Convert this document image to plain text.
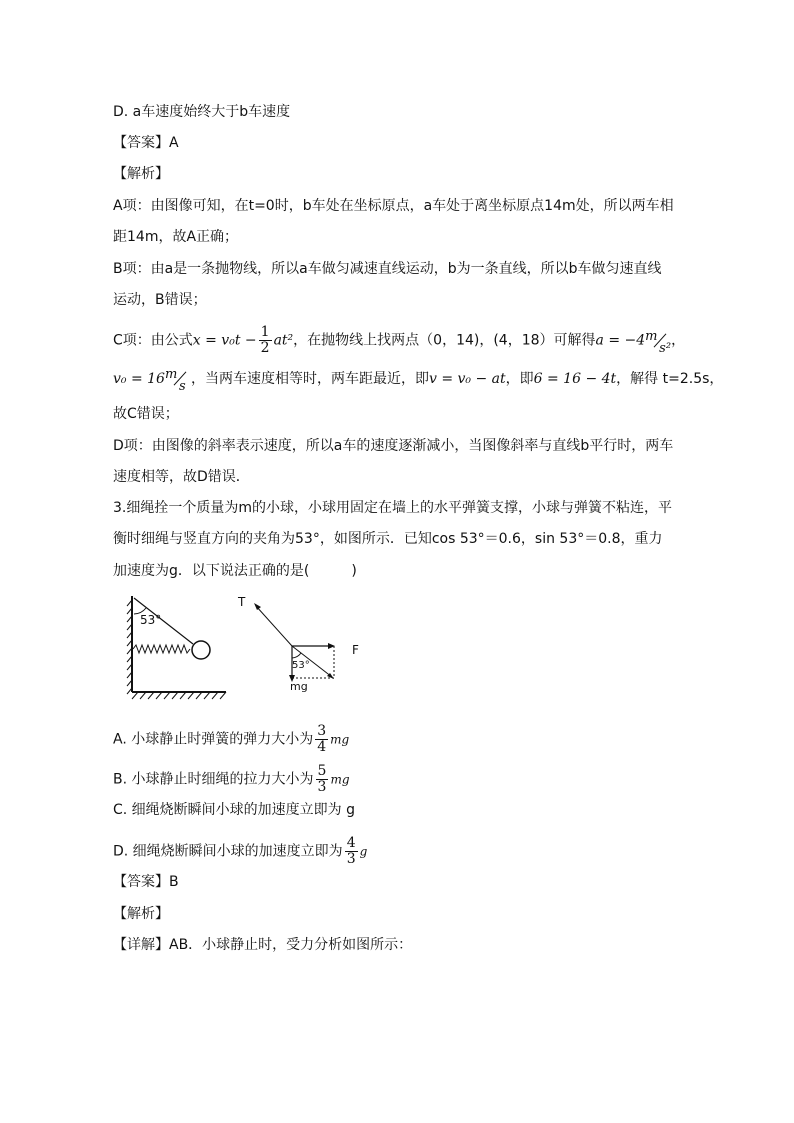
D. a车速度始终大于b车速度
【答案】A
【解析】
A项：由图像可知，在t=0时，b车处在坐标原点，a车处于离坐标原点14m处，所以两车相
距14m，故A正确；
B项：由a是一条抛物线，所以a车做匀减速直线运动，b为一条直线，所以b车做匀速直线
运动，B错误；
C项：由公式$x = v_0t - \frac{1}{2} at^2$，在抛物线上找两点（0，14)，(4，18）可解得a = −4 m
s² ，
v₀ = 16 m
s ，当两车速度相等时，两车距最近，即v = v₀ − at，即6 = 16 − 4t，解得 t=2.5s，
故C错误；
D项：由图像的斜率表示速度，所以a车的速度逐渐减小，当图像斜率与直线b平行时，两车
速度相等，故D错误．
3.细绳拴一个质量为m的小球，小球用固定在墙上的水平弹簧支撑，小球与弹簧不粘连，平
衡时细绳与竖直方向的夹角为53°，如图所示．已知cos 53°＝0.6，sin 53°＝0.8，重力
加速度为g．以下说法正确的是(　　　)
53°
T
F
53°
mg
A. 小球静止时弹簧的弹力大小为 $\frac{3}{4}$ mg
B. 小球静止时细绳的拉力大小为 $\frac{5}{3}$ mg
C. 细绳烧断瞬间小球的加速度立即为 g
D. 细绳烧断瞬间小球的加速度立即为 $\frac{4}{3}$ g
【答案】B
【解析】
【详解】AB．小球静止时，受力分析如图所示：
